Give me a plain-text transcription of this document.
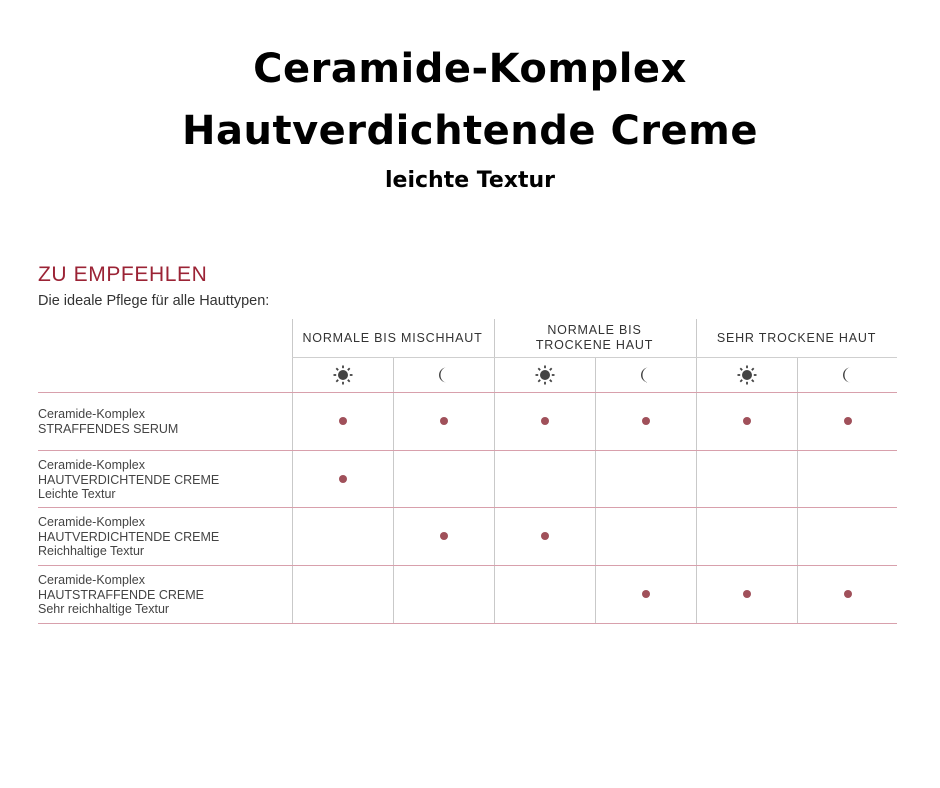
Ceramide-Komplex
Hautverdichtende Creme
leichte Textur
ZU EMPFEHLEN
Die ideale Pflege für alle Hauttypen:
NORMALE BIS MISCHHAUT
NORMALE BIS
TROCKENE HAUT
SEHR TROCKENE HAUT
Ceramide-Komplex
STRAFFENDES SERUM
Ceramide-Komplex
HAUTVERDICHTENDE CREME
Leichte Textur
Ceramide-Komplex
HAUTVERDICHTENDE CREME
Reichhaltige Textur
Ceramide-Komplex
HAUTSTRAFFENDE CREME
Sehr reichhaltige Textur
